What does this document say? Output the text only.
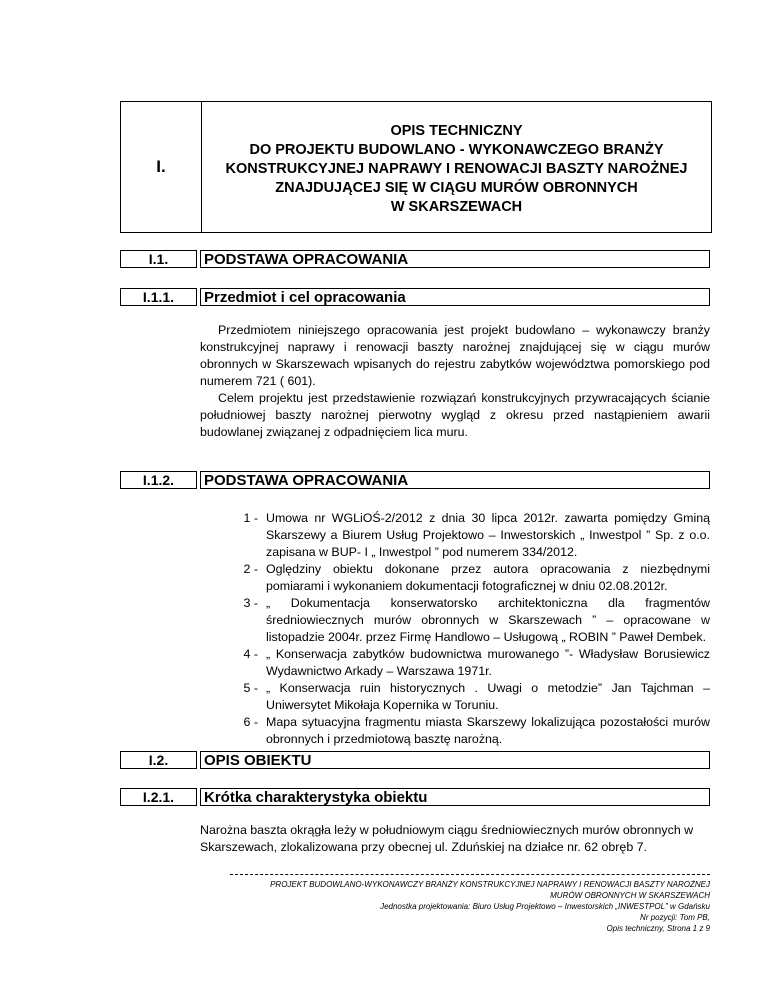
I.
OPIS TECHNICZNY
DO PROJEKTU BUDOWLANO - WYKONAWCZEGO BRANŻY
KONSTRUKCYJNEJ NAPRAWY I RENOWACJI BASZTY NAROŻNEJ
ZNAJDUJĄCEJ SIĘ W CIĄGU MURÓW OBRONNYCH
W SKARSZEWACH
I.1.	PODSTAWA OPRACOWANIA
I.1.1.	Przedmiot i cel opracowania

Przedmiotem niniejszego opracowania jest projekt budowlano – wykonawczy branży konstrukcyjnej naprawy i renowacji baszty narożnej znajdującej się w ciągu murów obronnych w Skarszewach wpisanych do rejestru zabytków województwa pomorskiego pod numerem 721 ( 601).

Celem projektu jest przedstawienie rozwiązań konstrukcyjnych przywracających ścianie południowej baszty narożnej pierwotny wygląd z okresu przed nastąpieniem awarii budowlanej związanej z odpadnięciem lica muru.

I.1.2.	PODSTAWA OPRACOWANIA
1 - Umowa nr WGLiOŚ-2/2012 z dnia 30 lipca 2012r. zawarta pomiędzy Gminą Skarszewy a Biurem Usług Projektowo – Inwestorskich „ Inwestpol ” Sp. z o.o. zapisana w BUP- I „ Inwestpol ” pod numerem 334/2012.
2 - Oględziny obiektu dokonane przez autora opracowania z niezbędnymi pomiarami i wykonaniem dokumentacji fotograficznej w dniu 02.08.2012r.
3 - „ Dokumentacja konserwatorsko architektoniczna dla fragmentów średniowiecznych murów obronnych w Skarszewach ” – opracowane w listopadzie 2004r. przez Firmę Handlowo – Usługową „ ROBIN ” Paweł Dembek.
4 - „ Konserwacja zabytków budownictwa murowanego ”- Władysław Borusiewicz Wydawnictwo Arkady – Warszawa 1971r.
5 - „ Konserwacja ruin historycznych . Uwagi o metodzie” Jan Tajchman – Uniwersytet Mikołaja Kopernika w Toruniu.
6 - Mapa sytuacyjna fragmentu miasta Skarszewy lokalizująca pozostałości murów obronnych i przedmiotową basztę narożną.
I.2.	OPIS OBIEKTU
I.2.1.	Krótka charakterystyka obiektu
Narożna baszta okrągła leży w południowym ciągu średniowiecznych murów obronnych w Skarszewach, zlokalizowana przy obecnej ul. Zduńskiej na działce nr. 62 obręb 7.
PROJEKT BUDOWLANO-WYKONAWCZY BRANŻY KONSTRUKCYJNEJ NAPRAWY I RENOWACJI BASZTY NAROŻNEJ
MURÓW OBRONNYCH W SKARSZEWACH
Jednostka projektowania: Biuro Usług Projektowo – Inwestorskich „INWESTPOL” w Gdańsku
Nr pozycji: Tom PB,
Opis techniczny, Strona 1 z 9
